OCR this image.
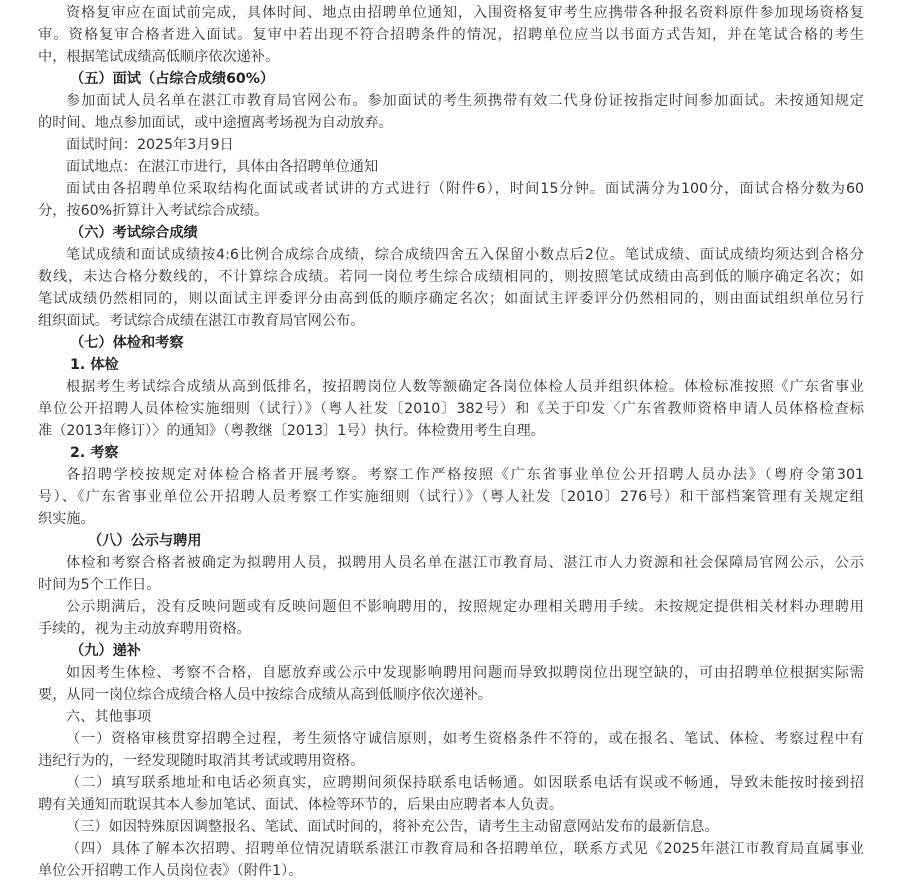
资格复审应在面试前完成，具体时间、地点由招聘单位通知，入围资格复审考生应携带各种报名资料原件参加现场资格复
审。资格复审合格者进入面试。复审中若出现不符合招聘条件的情况，招聘单位应当以书面方式告知，并在笔试合格的考生
中，根据笔试成绩高低顺序依次递补。
（五）面试（占综合成绩60%）
参加面试人员名单在湛江市教育局官网公布。参加面试的考生须携带有效二代身份证按指定时间参加面试。未按通知规定
的时间、地点参加面试，或中途擅离考场视为自动放弃。
面试时间：2025年3月9日
面试地点：在湛江市进行，具体由各招聘单位通知
面试由各招聘单位采取结构化面试或者试讲的方式进行（附件6），时间15分钟。面试满分为100分，面试合格分数为60
分，按60%折算计入考试综合成绩。
（六）考试综合成绩
笔试成绩和面试成绩按4:6比例合成综合成绩，综合成绩四舍五入保留小数点后2位。笔试成绩、面试成绩均须达到合格分
数线，未达合格分数线的，不计算综合成绩。若同一岗位考生综合成绩相同的，则按照笔试成绩由高到低的顺序确定名次；如
笔试成绩仍然相同的，则以面试主评委评分由高到低的顺序确定名次；如面试主评委评分仍然相同的，则由面试组织单位另行
组织面试。考试综合成绩在湛江市教育局官网公布。
（七）体检和考察
1. 体检
根据考生考试综合成绩从高到低排名，按招聘岗位人数等额确定各岗位体检人员并组织体检。体检标准按照《广东省事业
单位公开招聘人员体检实施细则（试行）》（粤人社发〔2010〕382号）和《关于印发〈广东省教师资格申请人员体格检查标
准（2013年修订）〉的通知》（粤教继〔2013〕1号）执行。体检费用考生自理。
2. 考察
各招聘学校按规定对体检合格者开展考察。考察工作严格按照《广东省事业单位公开招聘人员办法》（粤府令第301
号）、《广东省事业单位公开招聘人员考察工作实施细则（试行）》（粤人社发〔2010〕276号）和干部档案管理有关规定组
织实施。
（八）公示与聘用
体检和考察合格者被确定为拟聘用人员，拟聘用人员名单在湛江市教育局、湛江市人力资源和社会保障局官网公示，公示
时间为5个工作日。
公示期满后，没有反映问题或有反映问题但不影响聘用的，按照规定办理相关聘用手续。未按规定提供相关材料办理聘用
手续的，视为主动放弃聘用资格。
（九）递补
如因考生体检、考察不合格，自愿放弃或公示中发现影响聘用问题而导致拟聘岗位出现空缺的，可由招聘单位根据实际需
要，从同一岗位综合成绩合格人员中按综合成绩从高到低顺序依次递补。
六、其他事项
（一）资格审核贯穿招聘全过程，考生须恪守诚信原则，如考生资格条件不符的，或在报名、笔试、体检、考察过程中有
违纪行为的，一经发现随时取消其考试或聘用资格。
（二）填写联系地址和电话必须真实，应聘期间须保持联系电话畅通。如因联系电话有误或不畅通，导致未能按时接到招
聘有关通知而耽误其本人参加笔试、面试、体检等环节的，后果由应聘者本人负责。
（三）如因特殊原因调整报名、笔试、面试时间的，将补充公告，请考生主动留意网站发布的最新信息。
（四）具体了解本次招聘、招聘单位情况请联系湛江市教育局和各招聘单位，联系方式见《2025年湛江市教育局直属事业
单位公开招聘工作人员岗位表》（附件1）。
